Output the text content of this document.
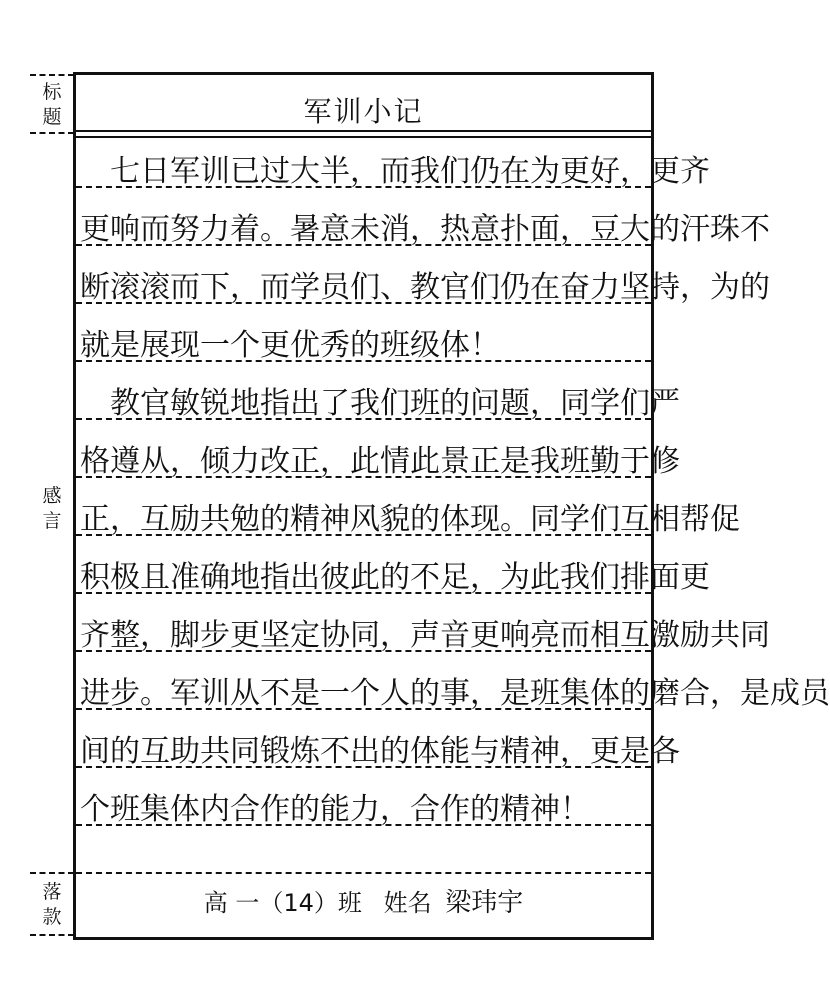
标
题
感
言
落
款
军训小记
　七日军训已过大半，而我们仍在为更好，更齐
更响而努力着。暑意未消，热意扑面，豆大的汗珠不
断滚滚而下，而学员们、教官们仍在奋力坚持，为的
就是展现一个更优秀的班级体！
　教官敏锐地指出了我们班的问题，同学们严
格遵从，倾力改正，此情此景正是我班勤于修
正，互励共勉的精神风貌的体现。同学们互相帮促
积极且准确地指出彼此的不足，为此我们排面更
齐整，脚步更坚定协同，声音更响亮而相互激励共同
进步。军训从不是一个人的事，是班集体的磨合，是成员
间的互助共同锻炼不出的体能与精神，更是各
个班集体内合作的能力，合作的精神！
高 一（14）班 姓名 梁玮宇
